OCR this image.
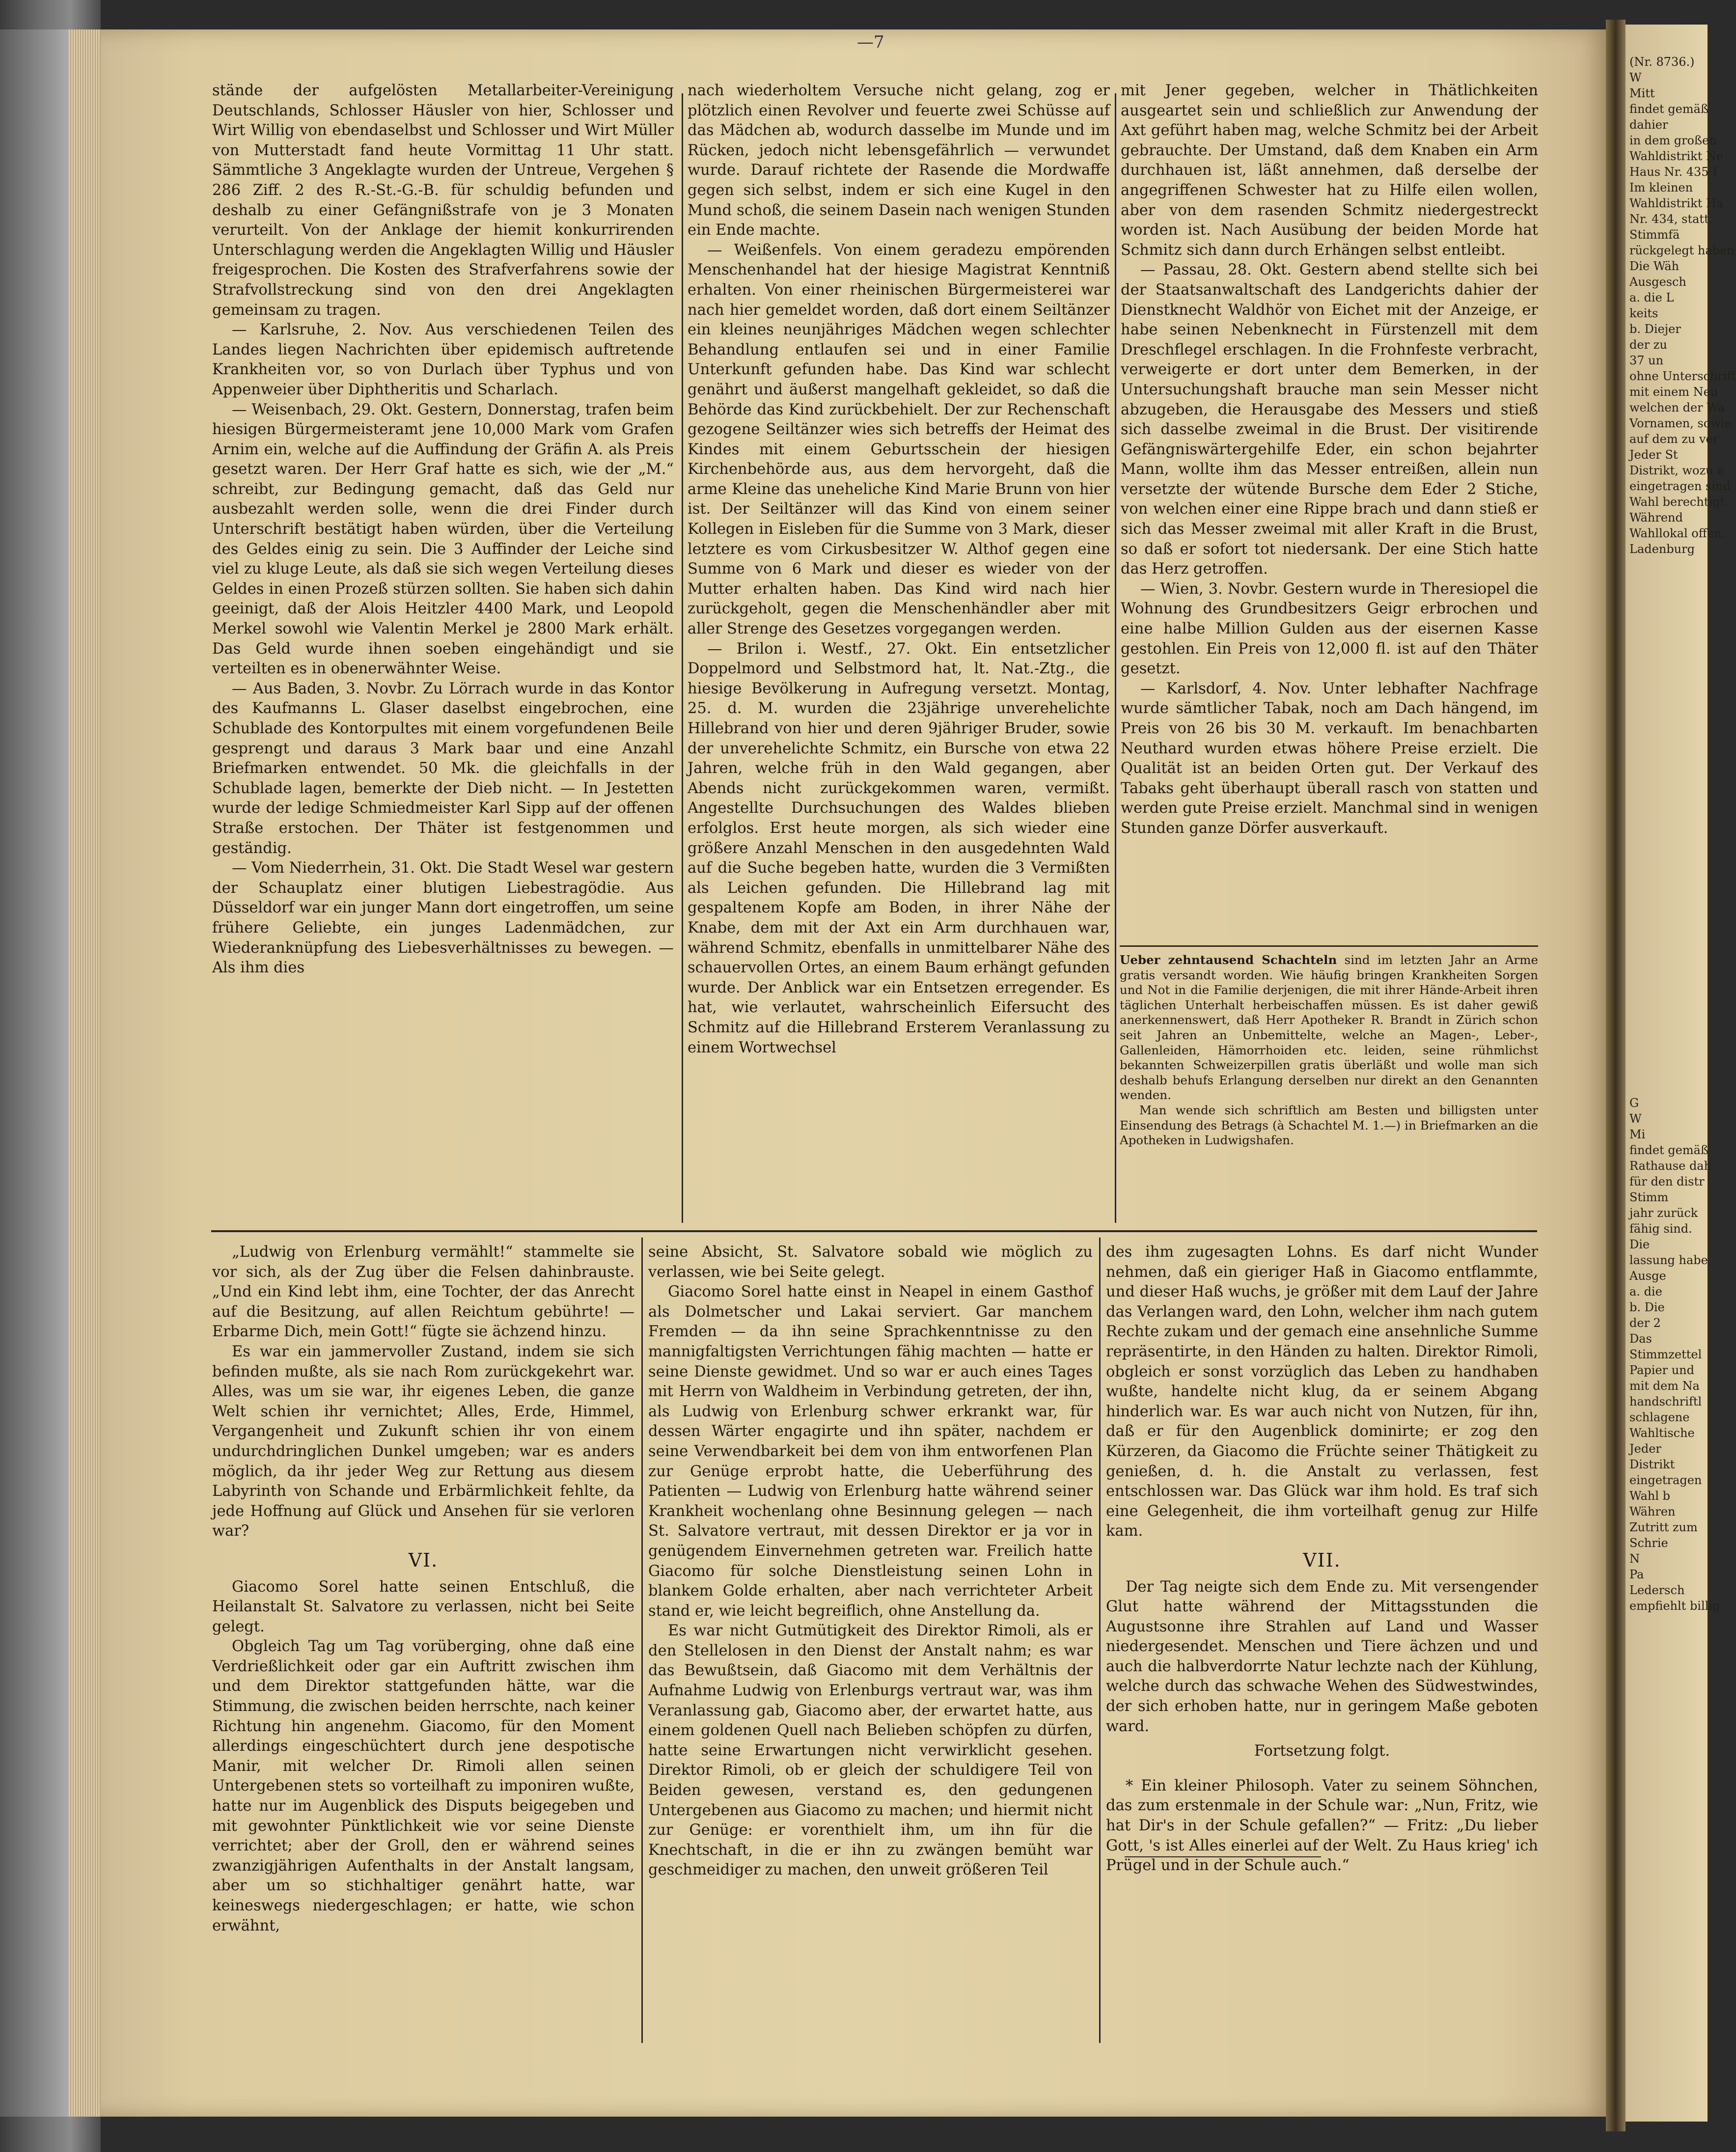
(Nr. 8736.)
W
Mitt
findet gemäß
dahier
in dem großen
Wahldistrikt Ne
Haus Nr. 435 I
Im kleinen
Wahldistrikt Ha
Nr. 434, statt.
Stimmfä
rückgelegt haben
Die Wäh
Ausgesch
a. die L
keits
b. Diejer
der zu
37 un
ohne Unterschrift
mit einem Neu
welchen der Wa
Vornamen, sowie
auf dem zu ver
Jeder St
Distrikt, wozu e
eingetragen sind
Wahl berechtigt.
Während
Wahllokal offen.
Ladenburg
G
W
Mi
findet gemäß
Rathause dah
für den distr
Stimm
jahr zurück
fähig sind.
Die
lassung habe
Ausge
a. die
b. Die
der 2
Das
Stimmzettel
Papier und
mit dem Na
handschriftl
schlagene
Wahltische
Jeder
Distrikt
eingetragen
Wahl b
Währen
Zutritt zum
Schrie
N
Pa
Ledersch
empfiehlt billig
—7

stände der aufgelösten Metallarbeiter-Vereinigung Deutschlands, Schlosser Häusler von hier, Schlosser und Wirt Willig von ebendaselbst und Schlosser und Wirt Müller von Mutterstadt fand heute Vormittag 11 Uhr statt. Sämmtliche 3 Angeklagte wurden der Untreue, Vergehen § 286 Ziff. 2 des R.-St.-G.-B. für schuldig befunden und deshalb zu einer Gefängnißstrafe von je 3 Monaten verurteilt. Von der Anklage der hiemit konkurrirenden Unterschlagung werden die Angeklagten Willig und Häusler freigesprochen. Die Kosten des Strafverfahrens sowie der Strafvollstreckung sind von den drei Angeklagten gemeinsam zu tragen.

— Karlsruhe, 2. Nov. Aus verschiedenen Teilen des Landes liegen Nachrichten über epidemisch auftretende Krankheiten vor, so von Durlach über Typhus und von Appenweier über Diphtheritis und Scharlach.

— Weisenbach, 29. Okt. Gestern, Donnerstag, trafen beim hiesigen Bürgermeisteramt jene 10,000 Mark vom Grafen Arnim ein, welche auf die Auffindung der Gräfin A. als Preis gesetzt waren. Der Herr Graf hatte es sich, wie der „M.“ schreibt, zur Bedingung gemacht, daß das Geld nur ausbezahlt werden solle, wenn die drei Finder durch Unterschrift bestätigt haben würden, über die Verteilung des Geldes einig zu sein. Die 3 Auffinder der Leiche sind viel zu kluge Leute, als daß sie sich wegen Verteilung dieses Geldes in einen Prozeß stürzen sollten. Sie haben sich dahin geeinigt, daß der Alois Heitzler 4400 Mark, und Leopold Merkel sowohl wie Valentin Merkel je 2800 Mark erhält. Das Geld wurde ihnen soeben eingehändigt und sie verteilten es in obenerwähnter Weise.

— Aus Baden, 3. Novbr. Zu Lörrach wurde in das Kontor des Kaufmanns L. Glaser daselbst eingebrochen, eine Schublade des Kontorpultes mit einem vorgefundenen Beile gesprengt und daraus 3 Mark baar und eine Anzahl Briefmarken entwendet. 50 Mk. die gleichfalls in der Schublade lagen, bemerkte der Dieb nicht. — In Jestetten wurde der ledige Schmiedmeister Karl Sipp auf der offenen Straße erstochen. Der Thäter ist festgenommen und geständig.

— Vom Niederrhein, 31. Okt. Die Stadt Wesel war gestern der Schauplatz einer blutigen Liebestragödie. Aus Düsseldorf war ein junger Mann dort eingetroffen, um seine frühere Geliebte, ein junges Ladenmädchen, zur Wiederanknüpfung des Liebesverhältnisses zu bewegen. — Als ihm dies

nach wiederholtem Versuche nicht gelang, zog er plötzlich einen Revolver und feuerte zwei Schüsse auf das Mädchen ab, wodurch dasselbe im Munde und im Rücken, jedoch nicht lebensgefährlich — verwundet wurde. Darauf richtete der Rasende die Mordwaffe gegen sich selbst, indem er sich eine Kugel in den Mund schoß, die seinem Dasein nach wenigen Stunden ein Ende machte.

— Weißenfels. Von einem geradezu empörenden Menschenhandel hat der hiesige Magistrat Kenntniß erhalten. Von einer rheinischen Bürgermeisterei war nach hier gemeldet worden, daß dort einem Seiltänzer ein kleines neunjähriges Mädchen wegen schlechter Behandlung entlaufen sei und in einer Familie Unterkunft gefunden habe. Das Kind war schlecht genährt und äußerst mangelhaft gekleidet, so daß die Behörde das Kind zurückbehielt. Der zur Rechenschaft gezogene Seiltänzer wies sich betreffs der Heimat des Kindes mit einem Geburtsschein der hiesigen Kirchenbehörde aus, aus dem hervorgeht, daß die arme Kleine das uneheliche Kind Marie Brunn von hier ist. Der Seiltänzer will das Kind von einem seiner Kollegen in Eisleben für die Summe von 3 Mark, dieser letztere es vom Cirkusbesitzer W. Althof gegen eine Summe von 6 Mark und dieser es wieder von der Mutter erhalten haben. Das Kind wird nach hier zurückgeholt, gegen die Menschenhändler aber mit aller Strenge des Gesetzes vorgegangen werden.

— Brilon i. Westf., 27. Okt. Ein entsetzlicher Doppelmord und Selbstmord hat, lt. Nat.-Ztg., die hiesige Bevölkerung in Aufregung versetzt. Montag, 25. d. M. wurden die 23jährige unverehelichte Hillebrand von hier und deren 9jähriger Bruder, sowie der unverehelichte Schmitz, ein Bursche von etwa 22 Jahren, welche früh in den Wald gegangen, aber Abends nicht zurückgekommen waren, vermißt. Angestellte Durchsuchungen des Waldes blieben erfolglos. Erst heute morgen, als sich wieder eine größere Anzahl Menschen in den ausgedehnten Wald auf die Suche begeben hatte, wurden die 3 Vermißten als Leichen gefunden. Die Hillebrand lag mit gespaltenem Kopfe am Boden, in ihrer Nähe der Knabe, dem mit der Axt ein Arm durchhauen war, während Schmitz, ebenfalls in unmittelbarer Nähe des schauervollen Ortes, an einem Baum erhängt gefunden wurde. Der Anblick war ein Entsetzen erregender. Es hat, wie verlautet, wahrscheinlich Eifersucht des Schmitz auf die Hillebrand Ersterem Veranlassung zu einem Wortwechsel

mit Jener gegeben, welcher in Thätlichkeiten ausgeartet sein und schließlich zur Anwendung der Axt geführt haben mag, welche Schmitz bei der Arbeit gebrauchte. Der Umstand, daß dem Knaben ein Arm durchhauen ist, läßt annehmen, daß derselbe der angegriffenen Schwester hat zu Hilfe eilen wollen, aber von dem rasenden Schmitz niedergestreckt worden ist. Nach Ausübung der beiden Morde hat Schmitz sich dann durch Erhängen selbst entleibt.

— Passau, 28. Okt. Gestern abend stellte sich bei der Staatsanwaltschaft des Landgerichts dahier der Dienstknecht Waldhör von Eichet mit der Anzeige, er habe seinen Nebenknecht in Fürstenzell mit dem Dreschflegel erschlagen. In die Frohnfeste verbracht, verweigerte er dort unter dem Bemerken, in der Untersuchungshaft brauche man sein Messer nicht abzugeben, die Herausgabe des Messers und stieß sich dasselbe zweimal in die Brust. Der visitirende Gefängniswärtergehilfe Eder, ein schon bejahrter Mann, wollte ihm das Messer entreißen, allein nun versetzte der wütende Bursche dem Eder 2 Stiche, von welchen einer eine Rippe brach und dann stieß er sich das Messer zweimal mit aller Kraft in die Brust, so daß er sofort tot niedersank. Der eine Stich hatte das Herz getroffen.

— Wien, 3. Novbr. Gestern wurde in Theresiopel die Wohnung des Grundbesitzers Geigr erbrochen und eine halbe Million Gulden aus der eisernen Kasse gestohlen. Ein Preis von 12,000 fl. ist auf den Thäter gesetzt.

— Karlsdorf, 4. Nov. Unter lebhafter Nachfrage wurde sämtlicher Tabak, noch am Dach hängend, im Preis von 26 bis 30 M. verkauft. Im benachbarten Neuthard wurden etwas höhere Preise erzielt. Die Qualität ist an beiden Orten gut. Der Verkauf des Tabaks geht überhaupt überall rasch von statten und werden gute Preise erzielt. Manchmal sind in wenigen Stunden ganze Dörfer ausverkauft.

Ueber zehntausend Schachteln sind im letzten Jahr an Arme gratis versandt worden. Wie häufig bringen Krankheiten Sorgen und Not in die Familie derjenigen, die mit ihrer Hände-Arbeit ihren täglichen Unterhalt herbeischaffen müssen. Es ist daher gewiß anerkennenswert, daß Herr Apotheker R. Brandt in Zürich schon seit Jahren an Unbemittelte, welche an Magen-, Leber-, Gallenleiden, Hämorrhoiden etc. leiden, seine rühmlichst bekannten Schweizerpillen gratis überläßt und wolle man sich deshalb behufs Erlangung derselben nur direkt an den Genannten wenden.

Man wende sich schriftlich am Besten und billigsten unter Einsendung des Betrags (à Schachtel M. 1.—) in Briefmarken an die Apotheken in Ludwigshafen.

„Ludwig von Erlenburg vermählt!“ stammelte sie vor sich, als der Zug über die Felsen dahinbrauste. „Und ein Kind lebt ihm, eine Tochter, der das Anrecht auf die Besitzung, auf allen Reichtum gebührte! — Erbarme Dich, mein Gott!“ fügte sie ächzend hinzu.

Es war ein jammervoller Zustand, indem sie sich befinden mußte, als sie nach Rom zurückgekehrt war. Alles, was um sie war, ihr eigenes Leben, die ganze Welt schien ihr vernichtet; Alles, Erde, Himmel, Vergangenheit und Zukunft schien ihr von einem undurchdringlichen Dunkel umgeben; war es anders möglich, da ihr jeder Weg zur Rettung aus diesem Labyrinth von Schande und Erbärmlichkeit fehlte, da jede Hoffnung auf Glück und Ansehen für sie verloren war?

VI.

Giacomo Sorel hatte seinen Entschluß, die Heilanstalt St. Salvatore zu verlassen, nicht bei Seite gelegt.

Obgleich Tag um Tag vorüberging, ohne daß eine Verdrießlichkeit oder gar ein Auftritt zwischen ihm und dem Direktor stattgefunden hätte, war die Stimmung, die zwischen beiden herrschte, nach keiner Richtung hin angenehm. Giacomo, für den Moment allerdings eingeschüchtert durch jene despotische Manir, mit welcher Dr. Rimoli allen seinen Untergebenen stets so vorteilhaft zu imponiren wußte, hatte nur im Augenblick des Disputs beigegeben und mit gewohnter Pünktlichkeit wie vor seine Dienste verrichtet; aber der Groll, den er während seines zwanzigjährigen Aufenthalts in der Anstalt langsam, aber um so stichhaltiger genährt hatte, war keineswegs niedergeschlagen; er hatte, wie schon erwähnt,

seine Absicht, St. Salvatore sobald wie möglich zu verlassen, wie bei Seite gelegt.

Giacomo Sorel hatte einst in Neapel in einem Gasthof als Dolmetscher und Lakai serviert. Gar manchem Fremden — da ihn seine Sprachkenntnisse zu den mannigfaltigsten Verrichtungen fähig machten — hatte er seine Dienste gewidmet. Und so war er auch eines Tages mit Herrn von Waldheim in Verbindung getreten, der ihn, als Ludwig von Erlenburg schwer erkrankt war, für dessen Wärter engagirte und ihn später, nachdem er seine Verwendbarkeit bei dem von ihm entworfenen Plan zur Genüge erprobt hatte, die Ueberführung des Patienten — Ludwig von Erlenburg hatte während seiner Krankheit wochenlang ohne Besinnung gelegen — nach St. Salvatore vertraut, mit dessen Direktor er ja vor in genügendem Einvernehmen getreten war. Freilich hatte Giacomo für solche Dienstleistung seinen Lohn in blankem Golde erhalten, aber nach verrichteter Arbeit stand er, wie leicht begreiflich, ohne Anstellung da.

Es war nicht Gutmütigkeit des Direktor Rimoli, als er den Stellelosen in den Dienst der Anstalt nahm; es war das Bewußtsein, daß Giacomo mit dem Verhältnis der Aufnahme Ludwig von Erlenburgs vertraut war, was ihm Veranlassung gab, Giacomo aber, der erwartet hatte, aus einem goldenen Quell nach Belieben schöpfen zu dürfen, hatte seine Erwartungen nicht verwirklicht gesehen. Direktor Rimoli, ob er gleich der schuldigere Teil von Beiden gewesen, verstand es, den gedungenen Untergebenen aus Giacomo zu machen; und hiermit nicht zur Genüge: er vorenthielt ihm, um ihn für die Knechtschaft, in die er ihn zu zwängen bemüht war geschmeidiger zu machen, den unweit größeren Teil

des ihm zugesagten Lohns. Es darf nicht Wunder nehmen, daß ein gieriger Haß in Giacomo entflammte, und dieser Haß wuchs, je größer mit dem Lauf der Jahre das Verlangen ward, den Lohn, welcher ihm nach gutem Rechte zukam und der gemach eine ansehnliche Summe repräsentirte, in den Händen zu halten. Direktor Rimoli, obgleich er sonst vorzüglich das Leben zu handhaben wußte, handelte nicht klug, da er seinem Abgang hinderlich war. Es war auch nicht von Nutzen, für ihn, daß er für den Augenblick dominirte; er zog den Kürzeren, da Giacomo die Früchte seiner Thätigkeit zu genießen, d. h. die Anstalt zu verlassen, fest entschlossen war. Das Glück war ihm hold. Es traf sich eine Gelegenheit, die ihm vorteilhaft genug zur Hilfe kam.

VII.

Der Tag neigte sich dem Ende zu. Mit versengender Glut hatte während der Mittagsstunden die Augustsonne ihre Strahlen auf Land und Wasser niedergesendet. Menschen und Tiere ächzen und und auch die halbverdorrte Natur lechzte nach der Kühlung, welche durch das schwache Wehen des Südwestwindes, der sich erhoben hatte, nur in geringem Maße geboten ward.

Fortsetzung folgt.

* Ein kleiner Philosoph. Vater zu seinem Söhnchen, das zum erstenmale in der Schule war: „Nun, Fritz, wie hat Dir's in der Schule gefallen?“ — Fritz: „Du lieber Gott, 's ist Alles einerlei auf der Welt. Zu Haus krieg' ich Prügel und in der Schule auch.“
